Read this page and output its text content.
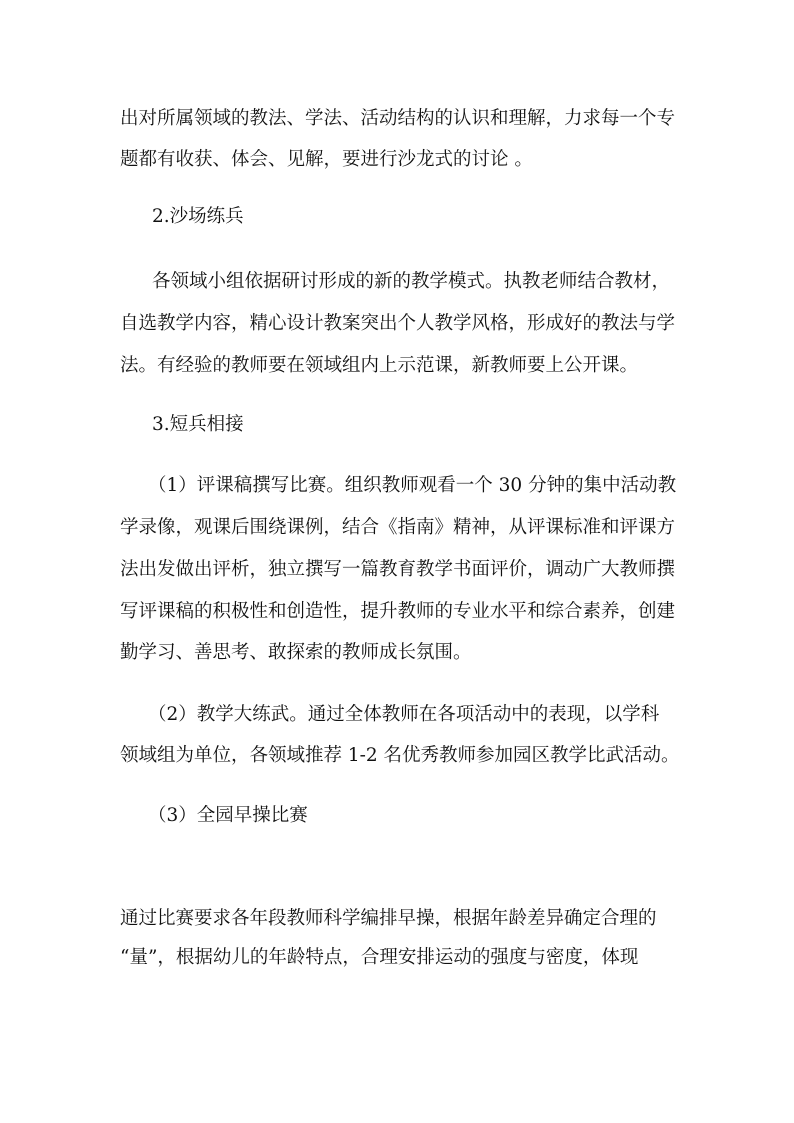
出对所属领域的教法、学法、活动结构的认识和理解，力求每一个专
题都有收获、体会、见解，要进行沙龙式的讨论 。
2.沙场练兵
各领域小组依据研讨形成的新的教学模式。执教老师结合教材，
自选教学内容，精心设计教案突出个人教学风格，形成好的教法与学
法。有经验的教师要在领域组内上示范课，新教师要上公开课。
3.短兵相接
（1）评课稿撰写比赛。组织教师观看一个 30 分钟的集中活动教
学录像，观课后围绕课例，结合《指南》精神，从评课标准和评课方
法出发做出评析，独立撰写一篇教育教学书面评价，调动广大教师撰
写评课稿的积极性和创造性，提升教师的专业水平和综合素养，创建
勤学习、善思考、敢探索的教师成长氛围。
（2）教学大练武。通过全体教师在各项活动中的表现，以学科
领域组为单位，各领域推荐 1-2 名优秀教师参加园区教学比武活动。
（3）全园早操比赛
通过比赛要求各年段教师科学编排早操，根据年龄差异确定合理的
“量”，根据幼儿的年龄特点，合理安排运动的强度与密度，体现
